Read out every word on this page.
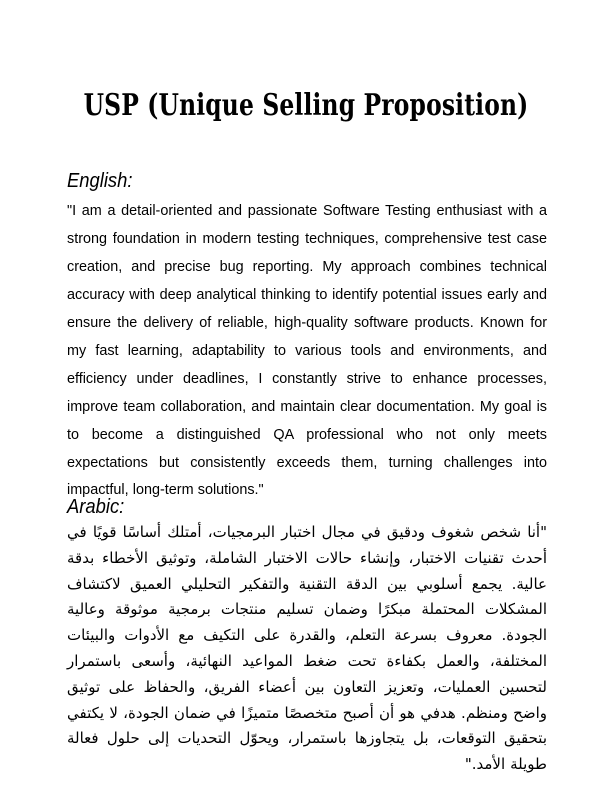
USP (Unique Selling Proposition)
English:

"I am a detail-oriented and passionate Software Testing enthusiast with a strong foundation in modern testing techniques, comprehensive test case creation, and precise bug reporting. My approach combines technical accuracy with deep analytical thinking to identify potential issues early and ensure the delivery of reliable, high-quality software products. Known for my fast learning, adaptability to various tools and environments, and efficiency under deadlines, I constantly strive to enhance processes, improve team collaboration, and maintain clear documentation. My goal is to become a distinguished QA professional who not only meets expectations but consistently exceeds them, turning challenges into impactful, long-term solutions."

Arabic:

"أنا شخص شغوف ودقيق في مجال اختبار البرمجيات، أمتلك أساسًا قويًا في أحدث تقنيات الاختبار، وإنشاء حالات الاختبار الشاملة، وتوثيق الأخطاء بدقة عالية. يجمع أسلوبي بين الدقة التقنية والتفكير التحليلي العميق لاكتشاف المشكلات المحتملة مبكرًا وضمان تسليم منتجات برمجية موثوقة وعالية الجودة. معروف بسرعة التعلم، والقدرة على التكيف مع الأدوات والبيئات المختلفة، والعمل بكفاءة تحت ضغط المواعيد النهائية، وأسعى باستمرار لتحسين العمليات، وتعزيز التعاون بين أعضاء الفريق، والحفاظ على توثيق واضح ومنظم. هدفي هو أن أصبح متخصصًا متميزًا في ضمان الجودة، لا يكتفي بتحقيق التوقعات، بل يتجاوزها باستمرار، ويحوّل التحديات إلى حلول فعالة طويلة الأمد."
